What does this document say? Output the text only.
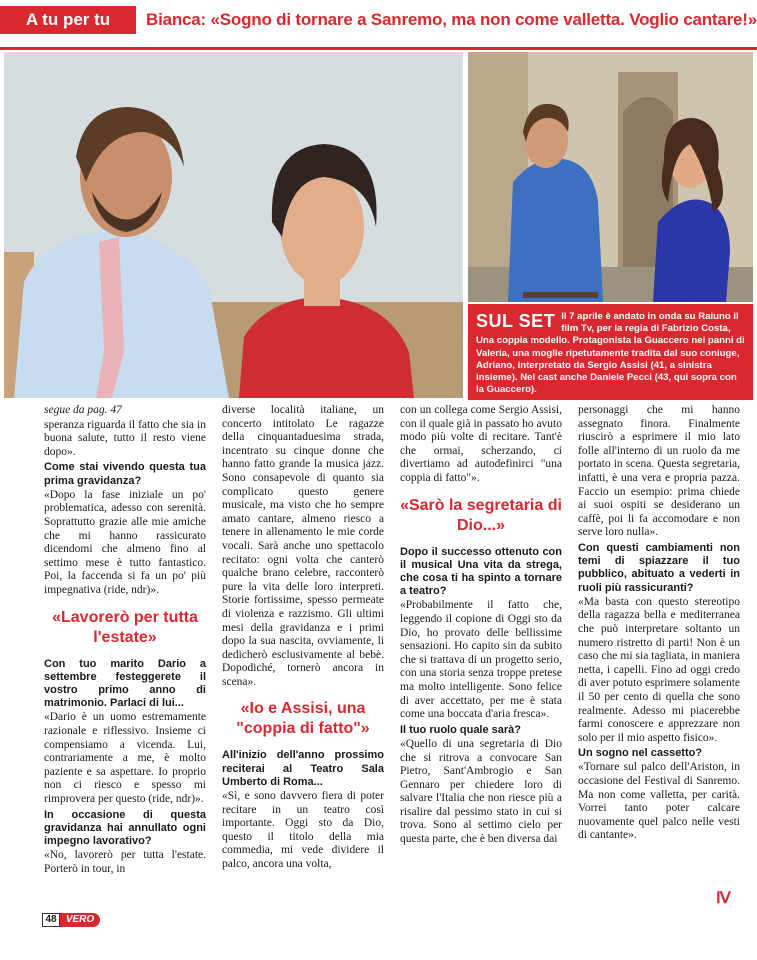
A tu per tu	Bianca: «Sogno di tornare a Sanremo, ma non come valletta. Voglio cantare!»
SUL SET Il 7 aprile è andato in onda su Raiuno il film Tv, per la regia di Fabrizio Costa, Una coppia modello. Protagonista la Guaccero nei panni di Valeria, una moglie ripetutamente tradita dal suo coniuge, Adriano, interpretato da Sergio Assisi (41, a sinistra insieme). Nel cast anche Daniele Pecci (43, qui sopra con la Guaccero).

segue da pag. 47

speranza riguarda il fatto che sia in buona salute, tutto il resto viene dopo».

Come stai vivendo questa tua prima gravidanza?

«Dopo la fase iniziale un po' problematica, adesso con serenità. Soprattutto grazie alle mie amiche che mi hanno rassicurato dicendomi che almeno fino al settimo mese è tutto fantastico. Poi, la faccenda si fa un po' più impegnativa (ride, ndr)».

«Lavorerò per tutta l'estate»

Con tuo marito Dario a settembre festeggerete il vostro primo anno di matrimonio. Parlaci di lui...

«Dario è un uomo estremamente razionale e riflessivo. Insieme ci compensiamo a vicenda. Lui, contrariamente a me, è molto paziente e sa aspettare. Io proprio non ci riesco e spesso mi rimprovera per questo (ride, ndr)».

In occasione di questa gravidanza hai annullato ogni impegno lavorativo?

«No, lavorerò per tutta l'estate. Porterò in tour, in

diverse località italiane, un concerto intitolato Le ragazze della cinquantaduesima strada, incentrato su cinque donne che hanno fatto grande la musica jazz. Sono consapevole di quanto sia complicato questo genere musicale, ma visto che ho sempre amato cantare, almeno riesco a tenere in allenamento le mie corde vocali. Sarà anche uno spettacolo recitato: ogni volta che canterò qualche brano celebre, racconterò pure la vita delle loro interpreti. Storie fortissime, spesso permeate di violenza e razzismo. Gli ultimi mesi della gravidanza e i primi dopo la sua nascita, ovviamente, li dedicherò esclusivamente al bebè. Dopodiché, tornerò ancora in scena».

«Io e Assisi, una "coppia di fatto"»

All'inizio dell'anno prossimo reciterai al Teatro Sala Umberto di Roma...

«Sì, e sono davvero fiera di poter recitare in un teatro così importante. Oggi sto da Dio, questo il titolo della mia commedia, mi vede dividere il palco, ancora una volta,

con un collega come Sergio Assisi, con il quale già in passato ho avuto modo più volte di recitare. Tant'è che ormai, scherzando, ci divertiamo ad autodefinirci "una coppia di fatto"».

«Sarò la segretaria di Dio...»

Dopo il successo ottenuto con il musical Una vita da strega, che cosa ti ha spinto a tornare a teatro?

«Probabilmente il fatto che, leggendo il copione di Oggi sto da Dio, ho provato delle bellissime sensazioni. Ho capito sin da subito che si trattava di un progetto serio, con una storia senza troppe pretese ma molto intelligente. Sono felice di aver accettato, per me è stata come una boccata d'aria fresca».

Il tuo ruolo quale sarà?

«Quello di una segretaria di Dio che si ritrova a convocare San Pietro, Sant'Ambrogio e San Gennaro per chiedere loro di salvare l'Italia che non riesce più a risalire dal pessimo stato in cui si trova. Sono al settimo cielo per questa parte, che è ben diversa dai

personaggi che mi hanno assegnato finora. Finalmente riuscirò a esprimere il mio lato folle all'interno di un ruolo da me portato in scena. Questa segretaria, infatti, è una vera e propria pazza. Faccio un esempio: prima chiede ai suoi ospiti se desiderano un caffè, poi li fa accomodare e non serve loro nulla».

Con questi cambiamenti non temi di spiazzare il tuo pubblico, abituato a vederti in ruoli più rassicuranti?

«Ma basta con questo stereotipo della ragazza bella e mediterranea che può interpretare soltanto un numero ristretto di parti! Non è un caso che mi sia tagliata, in maniera netta, i capelli. Fino ad oggi credo di aver potuto esprimere solamente il 50 per cento di quella che sono realmente. Adesso mi piacerebbe farmi conoscere e apprezzare non solo per il mio aspetto fisico».

Un sogno nel cassetto?

«Tornare sul palco dell'Ariston, in occasione del Festival di Sanremo. Ma non come valletta, per carità. Vorrei tanto poter calcare nuovamente quel palco nelle vesti di cantante».

48 VERO
Ⅳ
